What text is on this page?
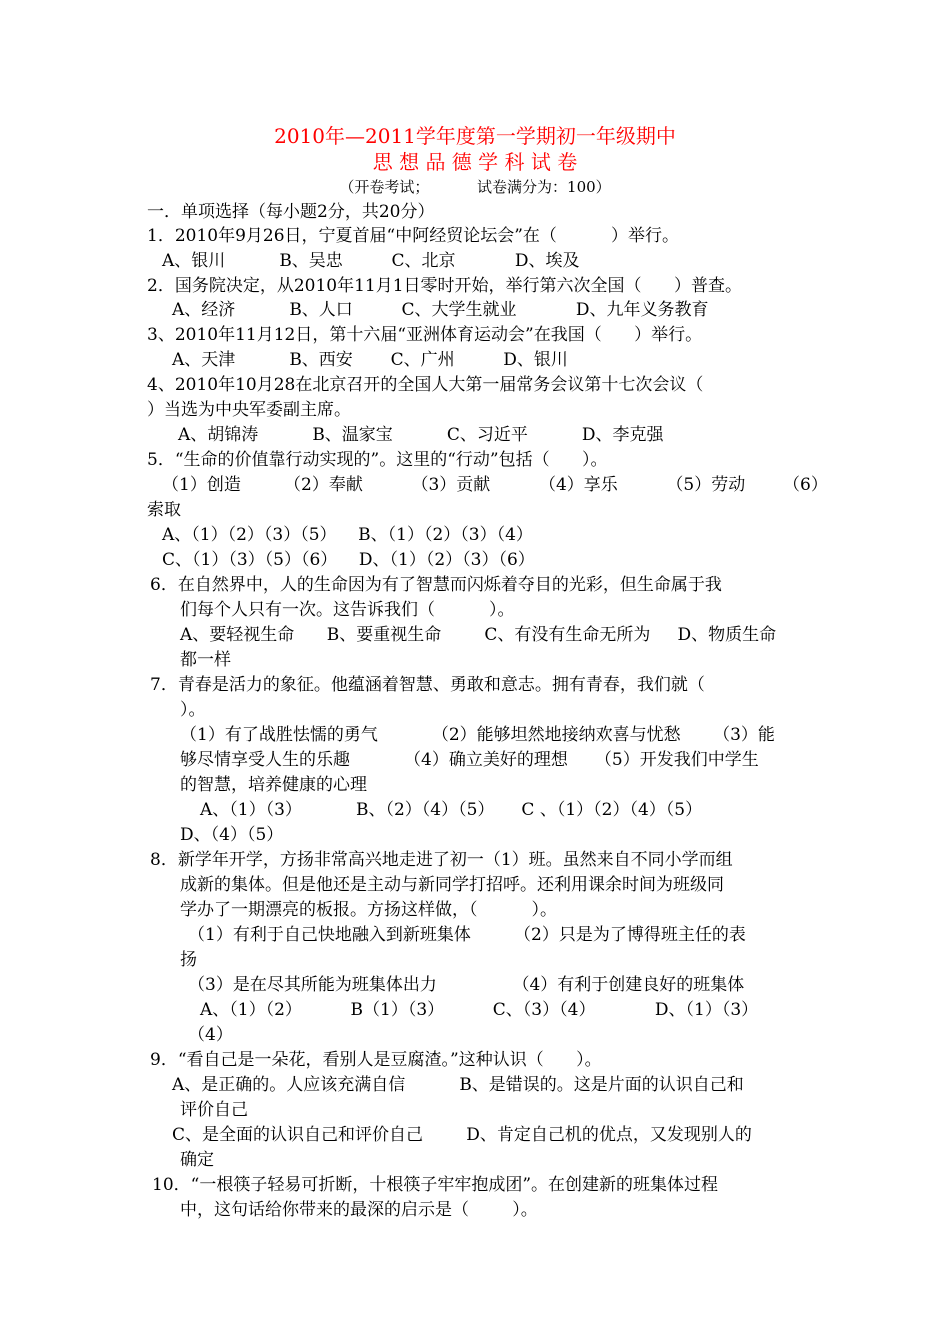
2010年—2011学年度第一学期初一年级期中
思 想 品 德 学 科 试 卷
（开卷考试；          试卷满分为：100）
一．单项选择（每小题2分，共20分）
1．2010年9月26日，宁夏首届“中阿经贸论坛会”在（          ）举行。
A、银川          B、吴忠         C、北京           D、埃及
2．国务院决定，从2010年11月1日零时开始，举行第六次全国（      ）普查。
A、经济          B、人口         C、大学生就业           D、九年义务教育
3、2010年11月12日，第十六届“亚洲体育运动会”在我国（      ）举行。
A、天津          B、西安       C、广州         D、银川
4、2010年10月28在北京召开的全国人大第一届常务会议第十七次会议（
）当选为中央军委副主席。
A、胡锦涛          B、温家宝          C、习近平          D、李克强
5．“生命的价值靠行动实现的”。这里的“行动”包括（      ）。
（1）创造        （2）奉献         （3）贡献         （4）享乐         （5）劳动       （6）
索取
A、（1）（2）（3）（5）    B、（1）（2）（3）（4）
C、（1）（3）（5）（6）    D、（1）（2）（3）（6）
6．在自然界中，人的生命因为有了智慧而闪烁着夺目的光彩，但生命属于我
们每个人只有一次。这告诉我们（          ）。
A、要轻视生命      B、要重视生命        C、有没有生命无所为     D、物质生命
都一样
7．青春是活力的象征。他蕴涵着智慧、勇敢和意志。拥有青春，我们就（
）。
（1）有了战胜怯懦的勇气          （2）能够坦然地接纳欢喜与忧愁      （3）能
够尽情享受人生的乐趣          （4）确立美好的理想     （5）开发我们中学生
的智慧，培养健康的心理
A、（1）（3）          B、（2）（4）（5）     C 、（1）（2）（4）（5）
D、（4）（5）
8．新学年开学，方扬非常高兴地走进了初一（1）班。虽然来自不同小学而组
成新的集体。但是他还是主动与新同学打招呼。还利用课余时间为班级同
学办了一期漂亮的板报。方扬这样做，（          ）。
（1）有利于自己快地融入到新班集体        （2）只是为了博得班主任的表
扬
（3）是在尽其所能为班集体出力              （4）有利于创建良好的班集体
A、（1）（2）         B（1）（3）         C、（3）（4）           D、（1）（3）
（4）
9．“看自己是一朵花，看别人是豆腐渣。”这种认识（      ）。
A、是正确的。人应该充满自信          B、是错误的。这是片面的认识自己和
评价自己
C、是全面的认识自己和评价自己        D、肯定自己机的优点，又发现别人的
确定
10．“一根筷子轻易可折断，十根筷子牢牢抱成团”。在创建新的班集体过程
中，这句话给你带来的最深的启示是（        ）。
